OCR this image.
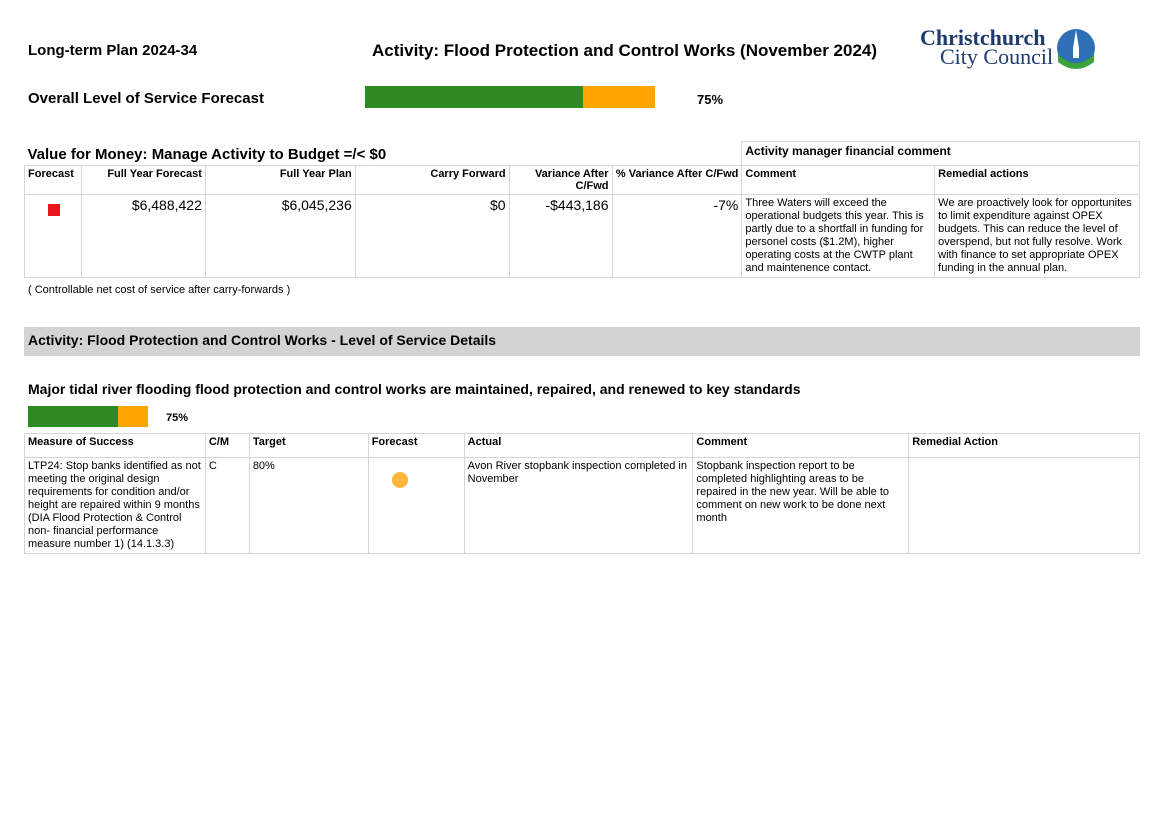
Long-term Plan 2024-34	Activity: Flood Protection and Control Works (November 2024)
Christchurch
City Council
Overall Level of Service Forecast	75%
Value for Money: Manage Activity to Budget =/< $0						Activity manager financial comment	
Forecast	Full Year Forecast	Full Year Plan	Carry Forward	Variance After C/Fwd	% Variance After C/Fwd	Comment	Remedial actions
	$6,488,422	$6,045,236	$0	-$443,186	-7%	Three Waters will exceed the operational budgets this year. This is partly due to a shortfall in funding for personel costs ($1.2M), higher operating costs at the CWTP plant and maintenence contact.	We are proactively look for opportunites to limit expenditure against OPEX budgets. This can reduce the level of overspend, but not fully resolve. Work with finance to set appropriate OPEX funding in the annual plan.
( Controllable net cost of service after carry-forwards )
Activity: Flood Protection and Control Works - Level of Service Details
Major tidal river flooding flood protection and control works are maintained, repaired, and renewed to key standards
75%
Measure of Success	C/M	Target	Forecast	Actual	Comment	Remedial Action
LTP24: Stop banks identified as not meeting the original design requirements for condition and/or height are repaired within 9 months (DIA Flood Protection & Control non- financial performance measure number 1) (14.1.3.3)	C	80%		Avon River stopbank inspection completed in November	Stopbank inspection report to be completed highlighting areas to be repaired in the new year. Will be able to comment on new work to be done next month	
